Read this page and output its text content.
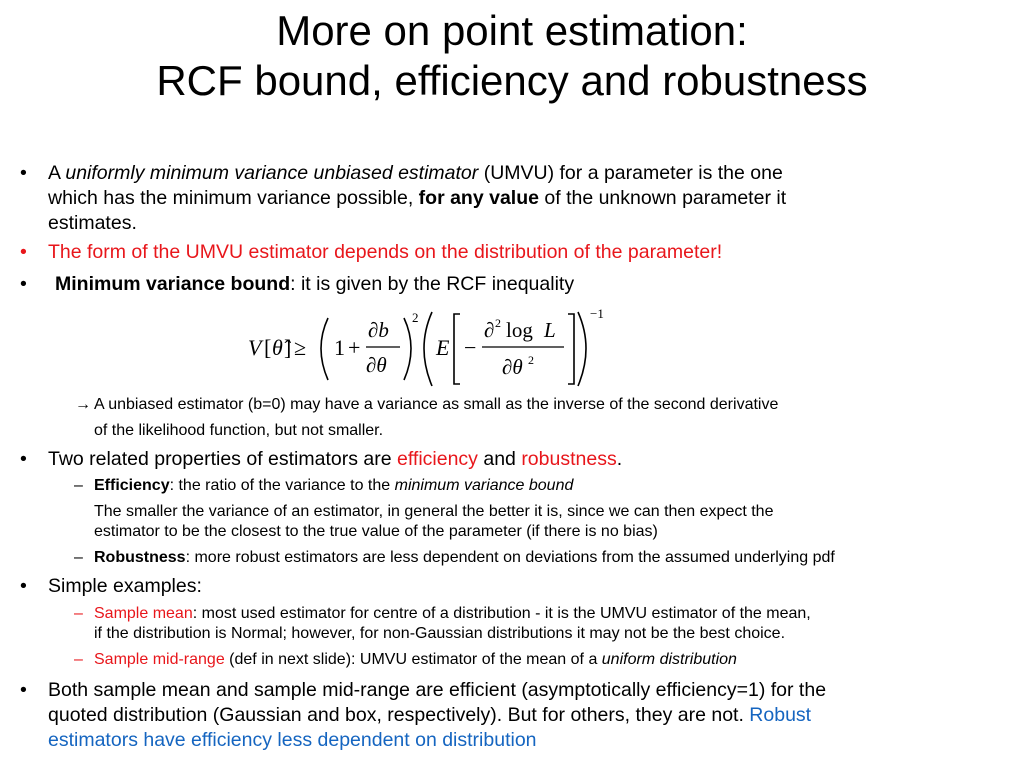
More on point estimation:
RCF bound, efficiency and robustness
• A uniformly minimum variance unbiased estimator (UMVU) for a parameter is the one
which has the minimum variance possible, for any value of the unknown parameter it
estimates.
• The form of the UMVU estimator depends on the distribution of the parameter!
• Minimum variance bound: it is given by the RCF inequality
V [ θ̂ ] ≥ 1 +
∂b
∂θ
2
E −
∂ 2 log L
∂θ 2
−1
→ A unbiased estimator (b=0) may have a variance as small as the inverse of the second derivative
of the likelihood function, but not smaller.
• Two related properties of estimators are efficiency and robustness.
– Efficiency: the ratio of the variance to the minimum variance bound
The smaller the variance of an estimator, in general the better it is, since we can then expect the
estimator to be the closest to the true value of the parameter (if there is no bias)
– Robustness: more robust estimators are less dependent on deviations from the assumed underlying pdf
• Simple examples:
– Sample mean: most used estimator for centre of a distribution - it is the UMVU estimator of the mean,
if the distribution is Normal; however, for non-Gaussian distributions it may not be the best choice.
– Sample mid-range (def in next slide): UMVU estimator of the mean of a uniform distribution
• Both sample mean and sample mid-range are efficient (asymptotically efficiency=1) for the
quoted distribution (Gaussian and box, respectively). But for others, they are not. Robust
estimators have efficiency less dependent on distribution
